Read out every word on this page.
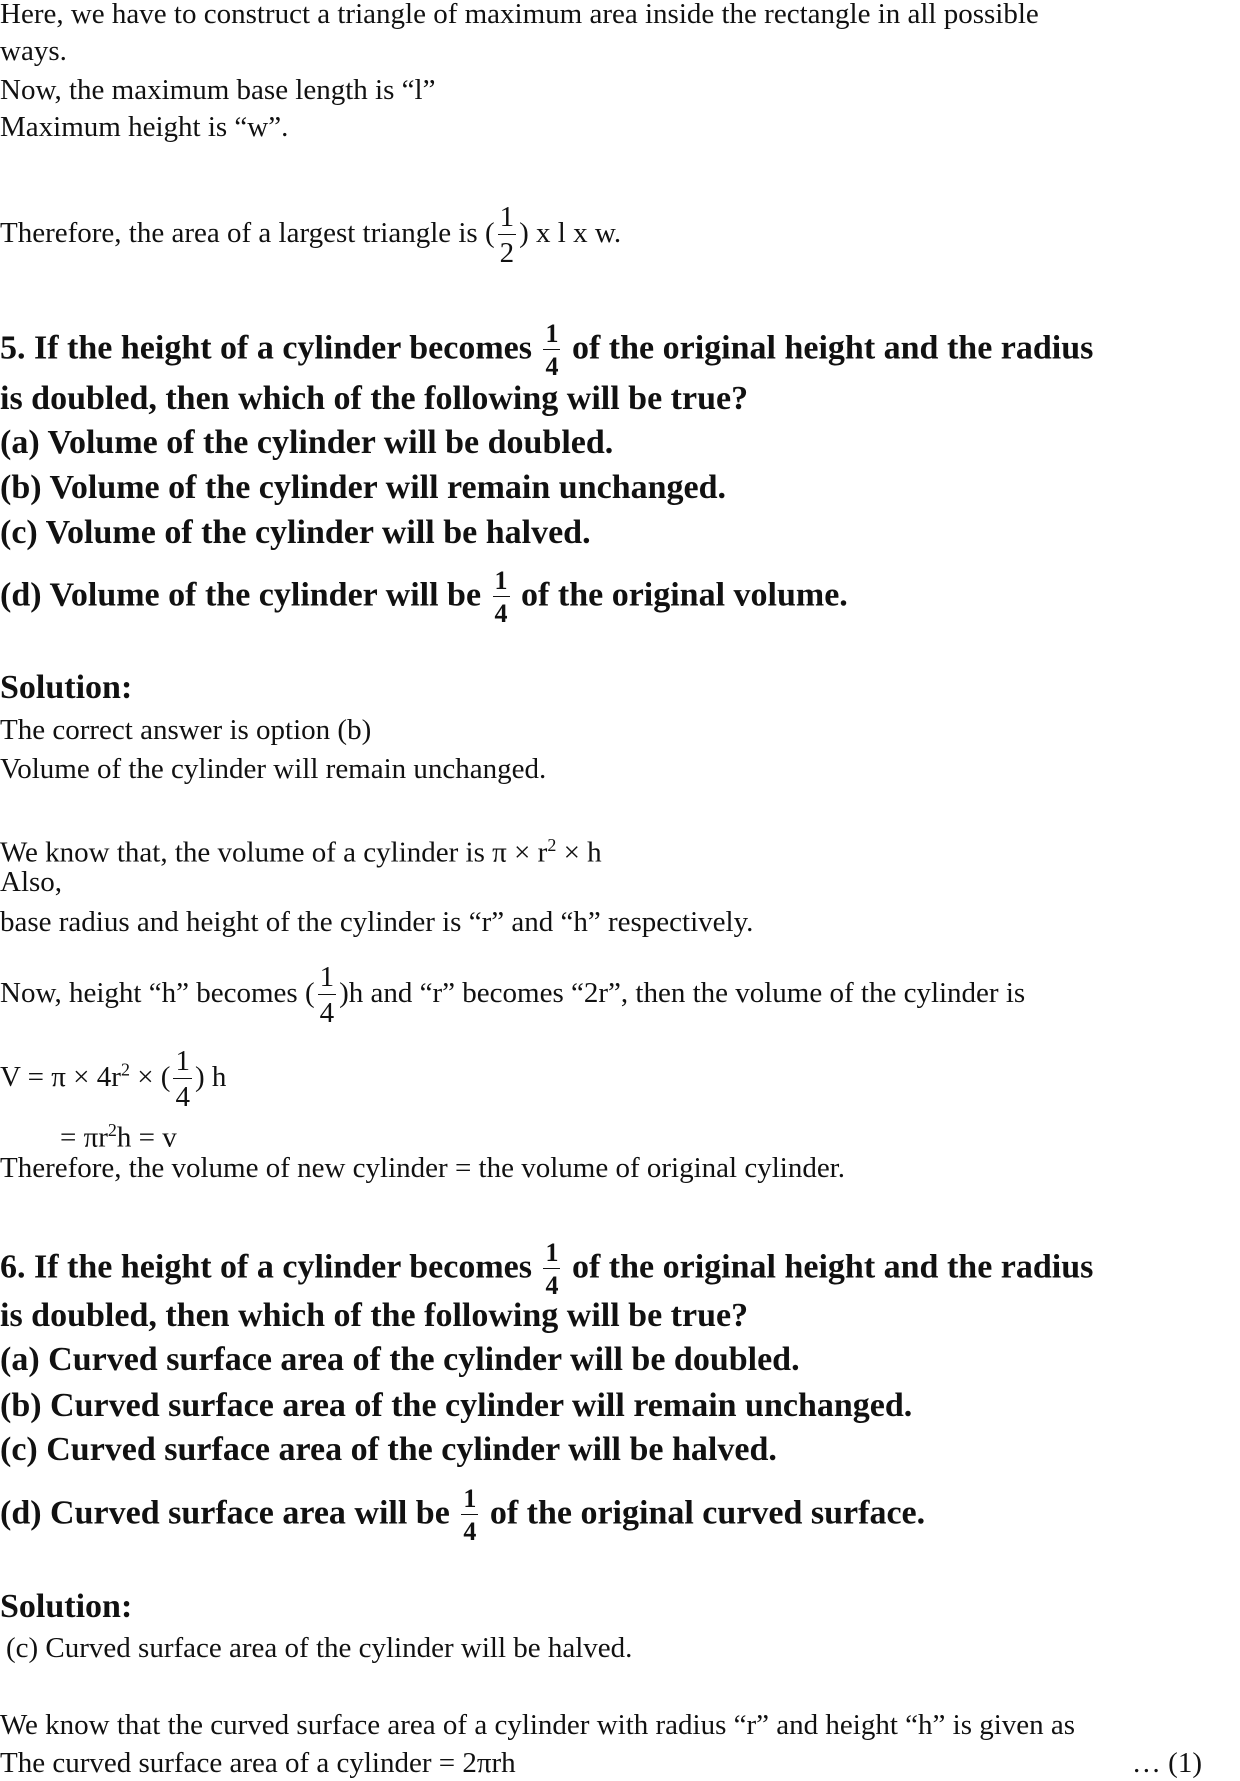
Here, we have to construct a triangle of maximum area inside the rectangle in all possible
ways.
Now, the maximum base length is “l”
Maximum height is “w”.
Therefore, the area of a largest triangle is ( $\frac{1}{2}$ ) x l x w.
5. If the height of a cylinder becomes $\frac{1}{4}$ of the original height and the radius
is doubled, then which of the following will be true?
(a) Volume of the cylinder will be doubled.
(b) Volume of the cylinder will remain unchanged.
(c) Volume of the cylinder will be halved.
(d) Volume of the cylinder will be $\frac{1}{4}$ of the original volume.
Solution:
The correct answer is option (b)
Volume of the cylinder will remain unchanged.
We know that, the volume of a cylinder is $\pi \times r^2 \times h$
Also,
base radius and height of the cylinder is “r” and “h” respectively.
Now, height “h” becomes ( $\frac{1}{4} )h$ and “r” becomes “2r”, then the volume of the cylinder is
$V = \pi \times 4r^2$ × ( $\frac{1}{4}$ ) h
= $\pi r^2h = v$
Therefore, the volume of new cylinder = the volume of original cylinder.
6. If the height of a cylinder becomes $\frac{1}{4}$ of the original height and the radius
is doubled, then which of the following will be true?
(a) Curved surface area of the cylinder will be doubled.
(b) Curved surface area of the cylinder will remain unchanged.
(c) Curved surface area of the cylinder will be halved.
(d) Curved surface area will be $\frac{1}{4}$ of the original curved surface.
Solution:
(c) Curved surface area of the cylinder will be halved.
We know that the curved surface area of a cylinder with radius “r” and height “h” is given as
The curved surface area of a cylinder = 2πrh	… (1)
